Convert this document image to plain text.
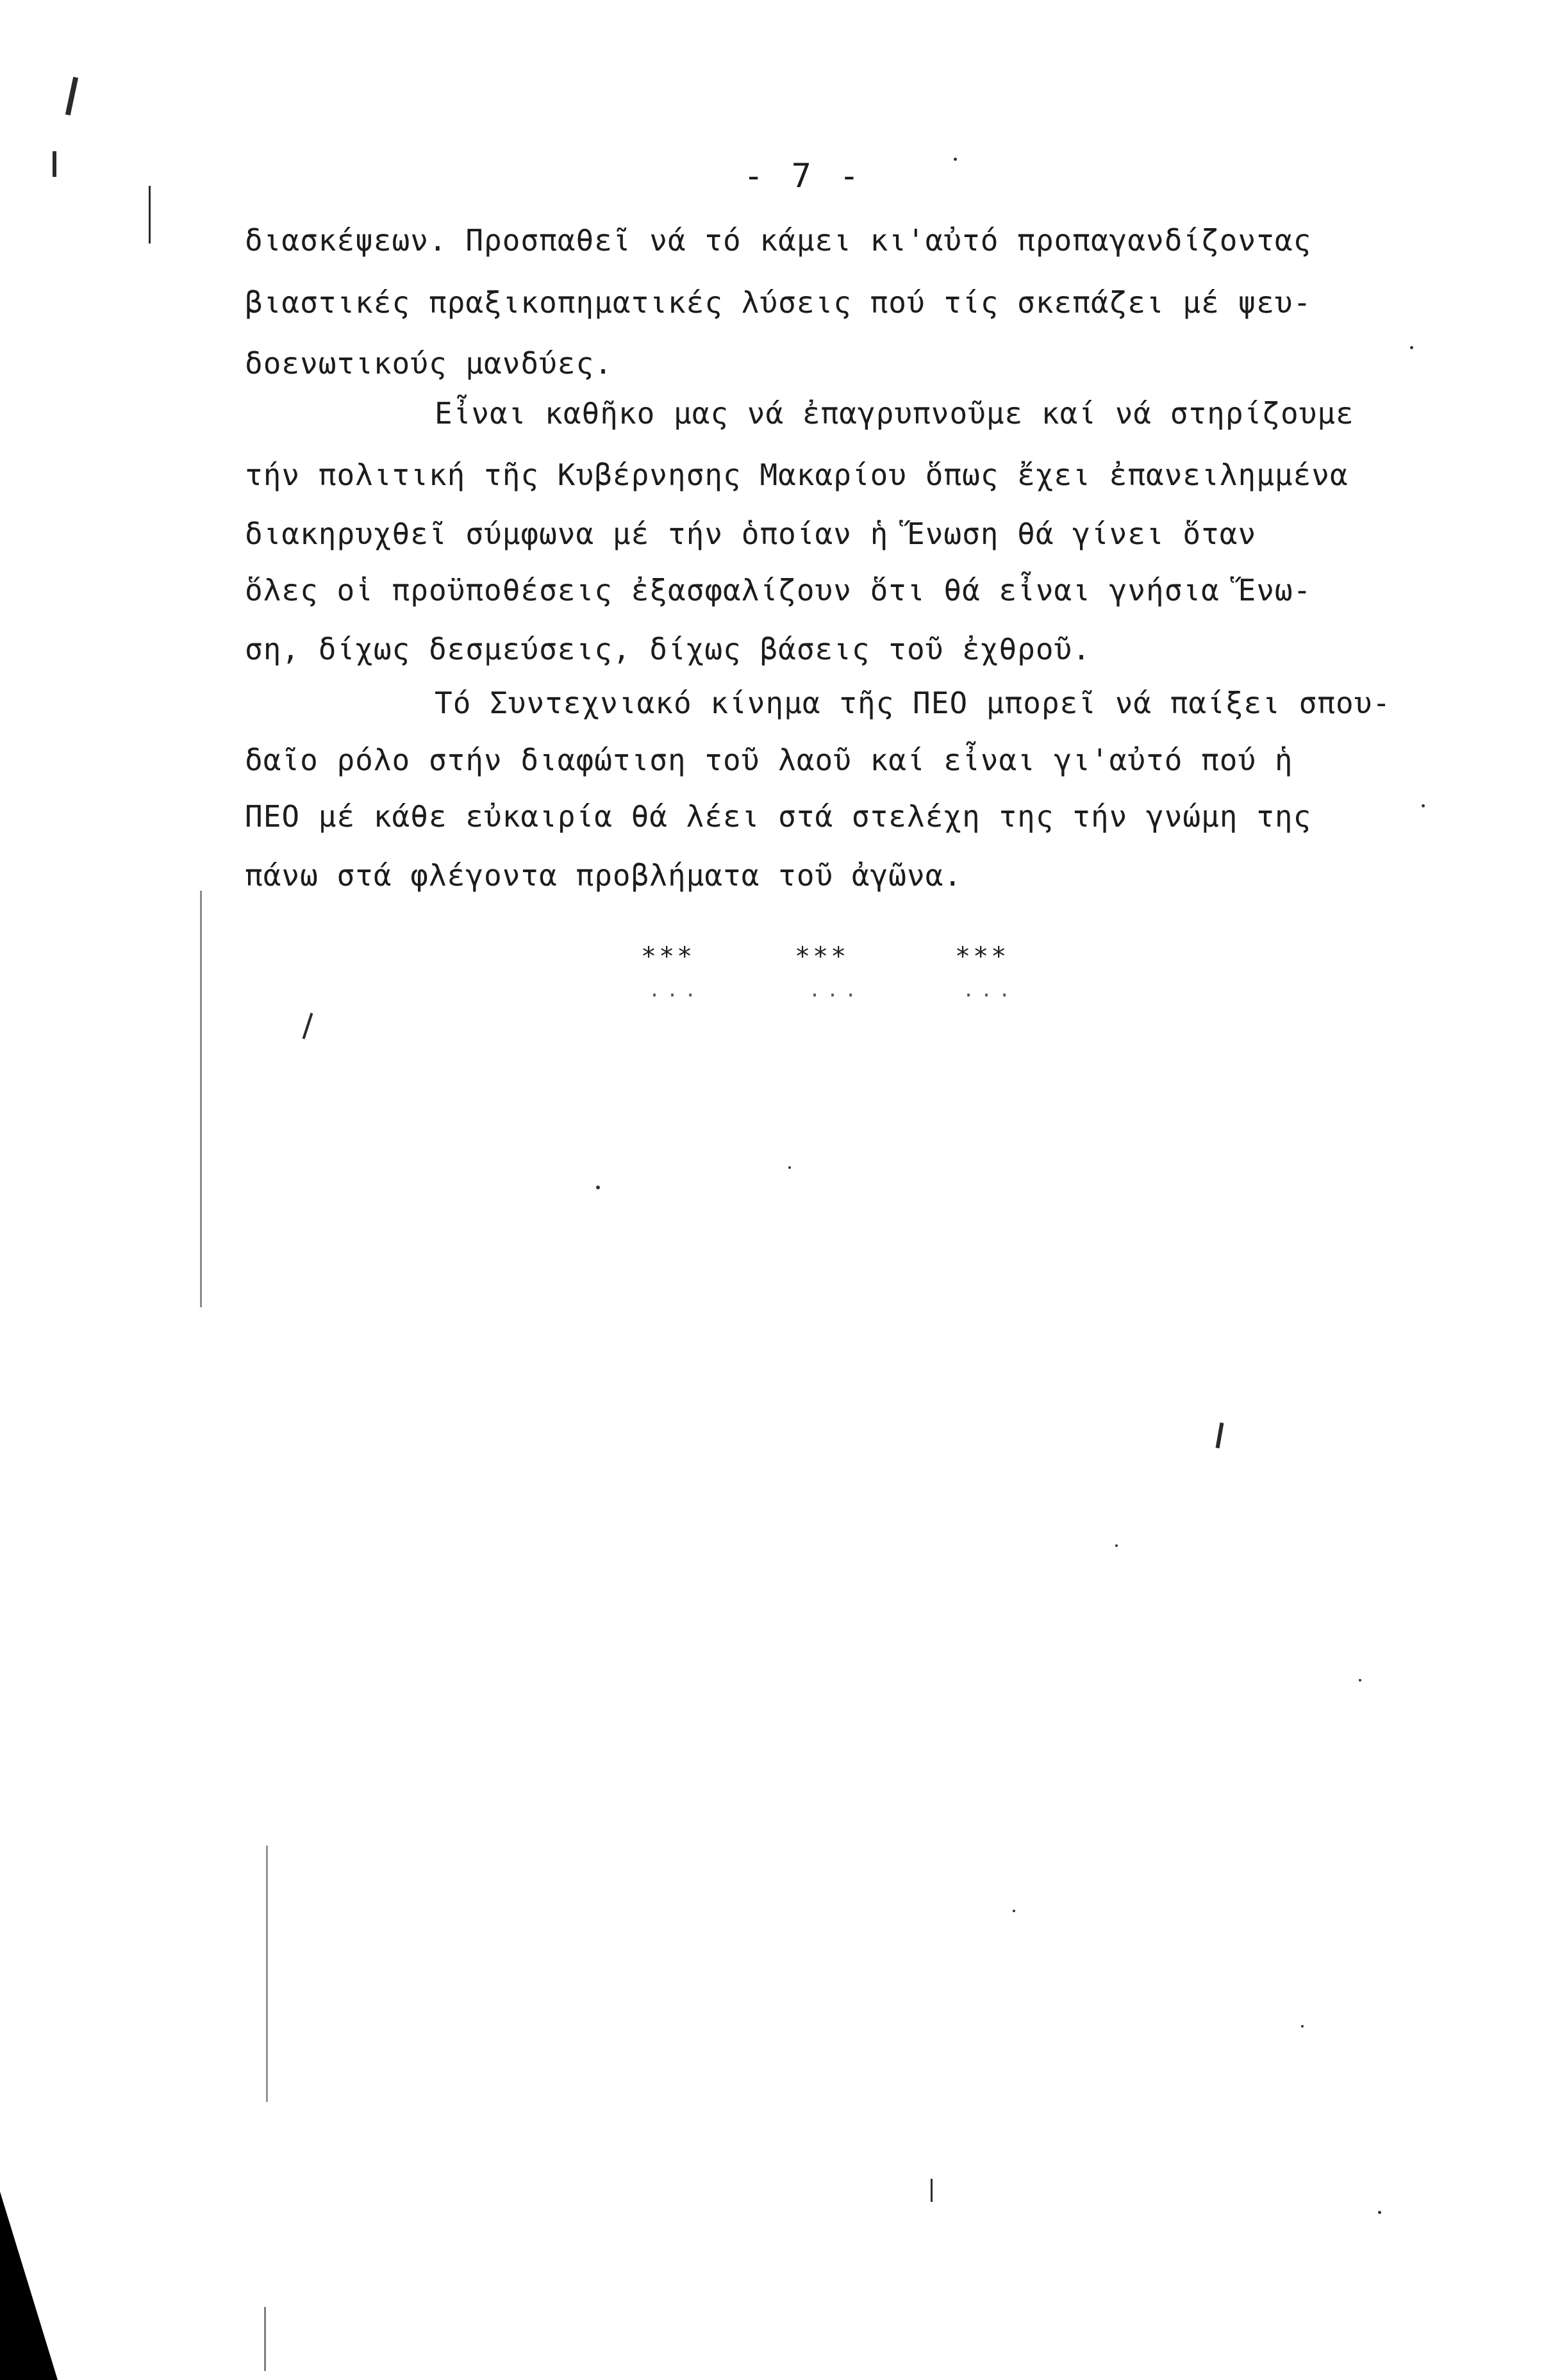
- 7 -
διασκέψεων. Προσπαθεῖ νά τό κάμει κι'αὐτό προπαγανδίζοντας
βιαστικές πραξικοπηματικές λύσεις πού τίς σκεπάζει μέ ψευ-
δοενωτικούς μανδύες.
Εἶναι καθῆκο μας νά ἐπαγρυπνοῦμε καί νά στηρίζουμε
τήν πολιτική τῆς Κυβέρνησης Μακαρίου ὅπως ἔχει ἐπανειλημμένα
διακηρυχθεῖ σύμφωνα μέ τήν ὁποίαν ἡ Ἕνωση θά γίνει ὅταν
ὅλες οἱ προϋποθέσεις ἐξασφαλίζουν ὅτι θά εἶναι γνήσια Ἕνω-
ση, δίχως δεσμεύσεις, δίχως βάσεις τοῦ ἐχθροῦ.
Τό Συντεχνιακό κίνημα τῆς ΠΕΟ μπορεῖ νά παίξει σπου-
δαῖο ρόλο στήν διαφώτιση τοῦ λαοῦ καί εἶναι γι'αὐτό πού ἡ
ΠΕΟ μέ κάθε εὐκαιρία θά λέει στά στελέχη της τήν γνώμη της
πάνω στά φλέγοντα προβλήματα τοῦ ἀγῶνα.
***	***	***
...	...	...
